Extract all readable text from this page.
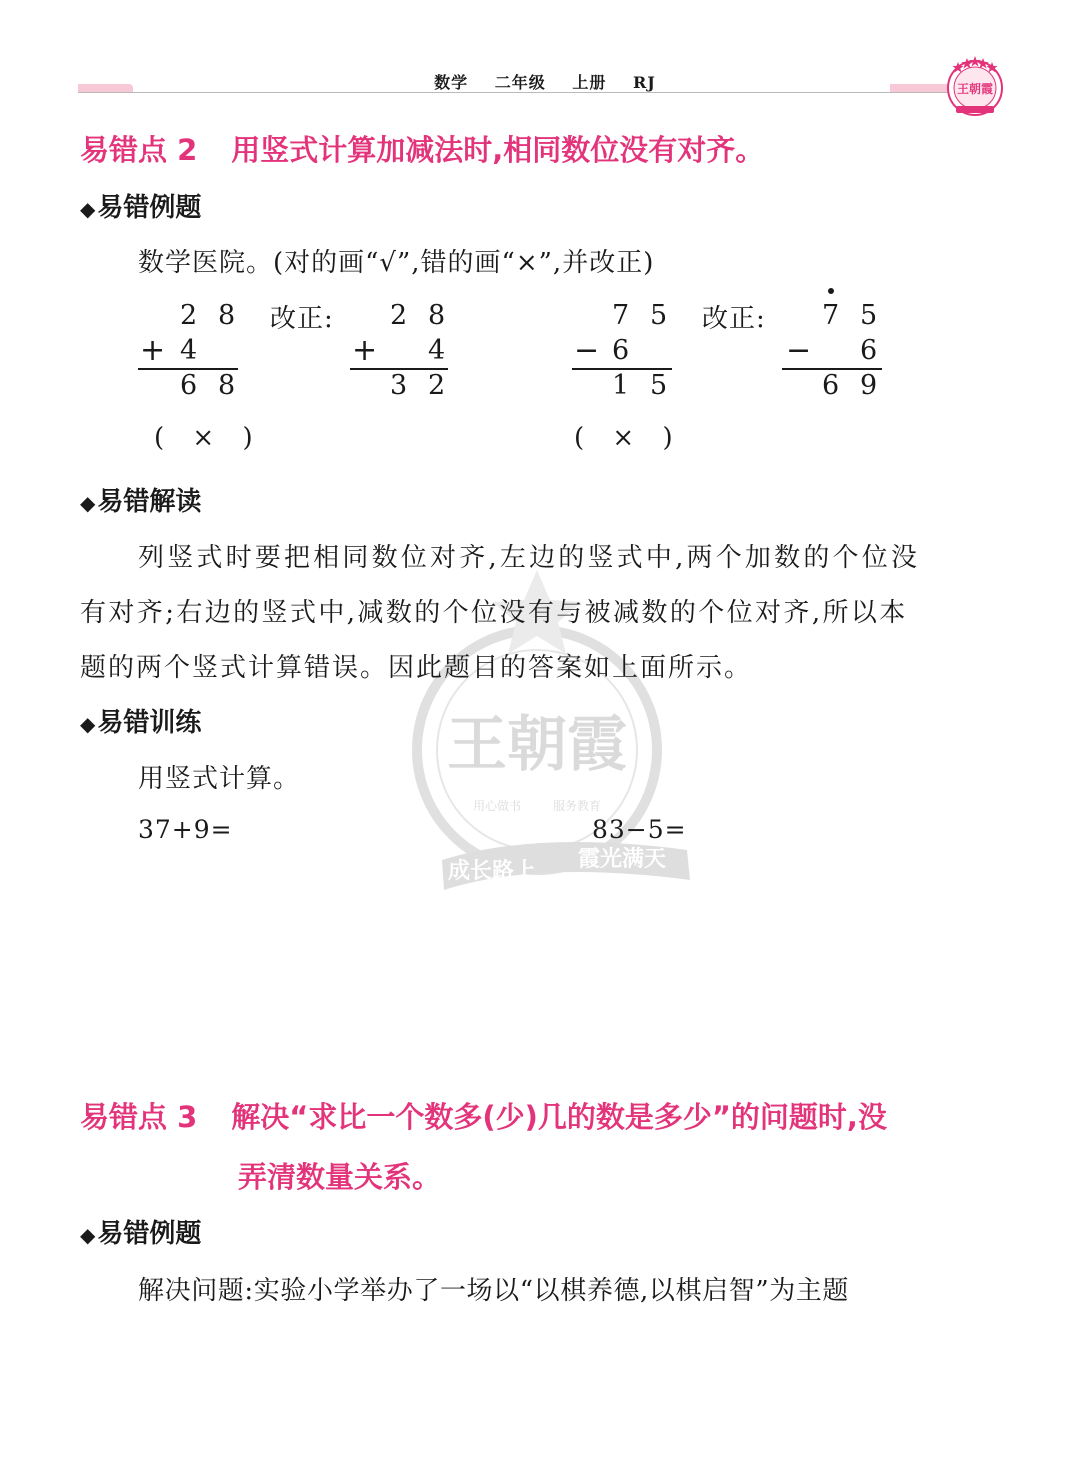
数学 二年级 上册 RJ	王朝霞
王朝霞
用心做书	服务教育
成长路上 霞光满天
易错点 2 用竖式计算加减法时,相同数位没有对齐。
◆易错例题
数学医院。(对的画“√”,错的画“×”,并改正)
2 8
+ 4
6 8
( × )
改正: 2 8
+ 4
3 2
7 5
− 6
1 5
( × )
改正: 7 5
− 6
6 9
◆易错解读
列竖式时要把相同数位对齐,左边的竖式中,两个加数的个位没
有对齐;右边的竖式中,减数的个位没有与被减数的个位对齐,所以本
题的两个竖式计算错误。因此题目的答案如上面所示。
◆易错训练
用竖式计算。
37+9=	83−5=
易错点 3 解决“求比一个数多(少)几的数是多少”的问题时,没
弄清数量关系。
◆易错例题
解决问题:实验小学举办了一场以“以棋养德,以棋启智”为主题
